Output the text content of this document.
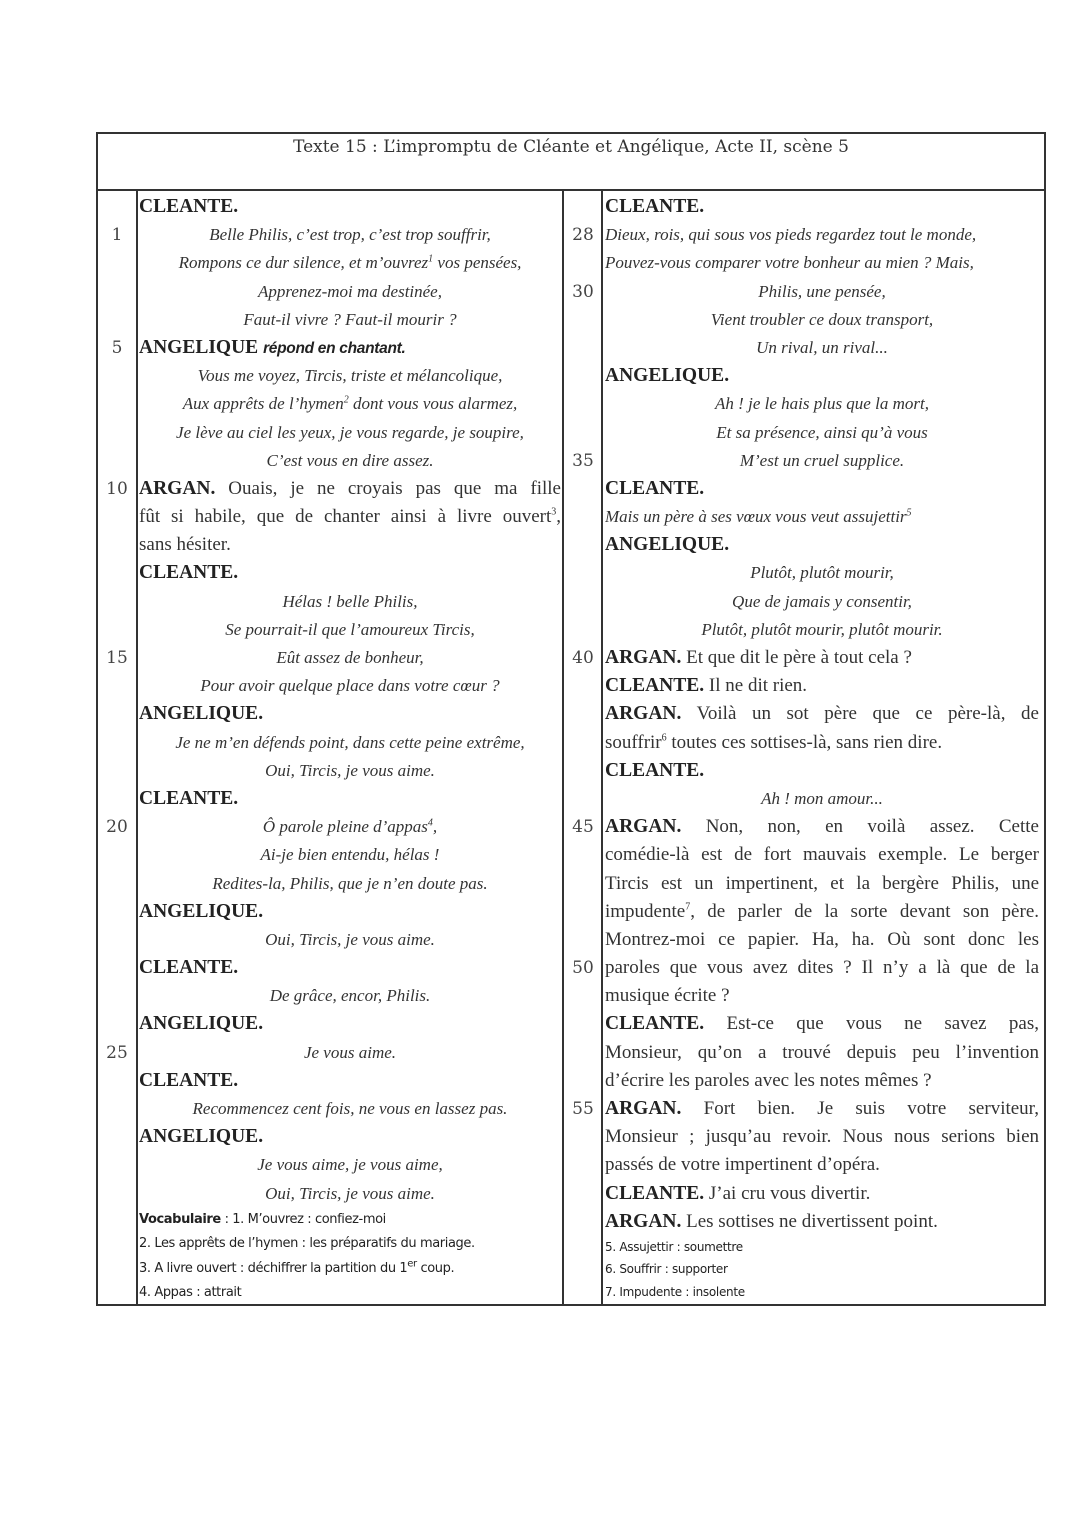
Texte 15 : L’impromptu de Cléante et Angélique, Acte II, scène 5
1
5
10
15
20
25
CLEANTE.
Belle Philis, c’est trop, c’est trop souffrir,
Rompons ce dur silence, et m’ouvrez$^1$ vos pensées,
Apprenez-moi ma destinée,
Faut-il vivre ? Faut-il mourir ?
ANGELIQUE répond en chantant.
Vous me voyez, Tircis, triste et mélancolique,
Aux apprêts de l’hymen$^2$ dont vous vous alarmez,
Je lève au ciel les yeux, je vous regarde, je soupire,
C’est vous en dire assez.
ARGAN. Ouais, je ne croyais pas que ma fille
fût si habile, que de chanter ainsi à livre ouvert$^3$,
sans hésiter.
CLEANTE.
Hélas ! belle Philis,
Se pourrait-il que l’amoureux Tircis,
Eût assez de bonheur,
Pour avoir quelque place dans votre cœur ?
ANGELIQUE.
Je ne m’en défends point, dans cette peine extrême,
Oui, Tircis, je vous aime.
CLEANTE.
Ô parole pleine d’appas$^4$,
Ai-je bien entendu, hélas !
Redites-la, Philis, que je n’en doute pas.
ANGELIQUE.
Oui, Tircis, je vous aime.
CLEANTE.
De grâce, encor, Philis.
ANGELIQUE.
Je vous aime.
CLEANTE.
Recommencez cent fois, ne vous en lassez pas.
ANGELIQUE.
Je vous aime, je vous aime,
Oui, Tircis, je vous aime.
Vocabulaire : 1. M’ouvrez : confiez-moi
2. Les apprêts de l’hymen : les préparatifs du mariage.
3. A livre ouvert : déchiffrer la partition du 1er coup.
4. Appas : attrait
28
30
35
40
45
50
55
CLEANTE.
Dieux, rois, qui sous vos pieds regardez tout le monde,
Pouvez-vous comparer votre bonheur au mien ? Mais,
Philis, une pensée,
Vient troubler ce doux transport,
Un rival, un rival...
ANGELIQUE.
Ah ! je le hais plus que la mort,
Et sa présence, ainsi qu’à vous
M’est un cruel supplice.
CLEANTE.
Mais un père à ses vœux vous veut assujettir$^5$
ANGELIQUE.
Plutôt, plutôt mourir,
Que de jamais y consentir,
Plutôt, plutôt mourir, plutôt mourir.
ARGAN. Et que dit le père à tout cela ?
CLEANTE. Il ne dit rien.
ARGAN. Voilà un sot père que ce père-là, de
souffrir$^6$ toutes ces sottises-là, sans rien dire.
CLEANTE.
Ah ! mon amour...
ARGAN. Non, non, en voilà assez. Cette
comédie-là est de fort mauvais exemple. Le berger
Tircis est un impertinent, et la bergère Philis, une
impudente$^7$, de parler de la sorte devant son père.
Montrez-moi ce papier. Ha, ha. Où sont donc les
paroles que vous avez dites ? Il n’y a là que de la
musique écrite ?
CLEANTE. Est-ce que vous ne savez pas,
Monsieur, qu’on a trouvé depuis peu l’invention
d’écrire les paroles avec les notes mêmes ?
ARGAN. Fort bien. Je suis votre serviteur,
Monsieur ; jusqu’au revoir. Nous nous serions bien
passés de votre impertinent d’opéra.
CLEANTE. J’ai cru vous divertir.
ARGAN. Les sottises ne divertissent point.
5. Assujettir : soumettre
6. Souffrir : supporter
7. Impudente : insolente
